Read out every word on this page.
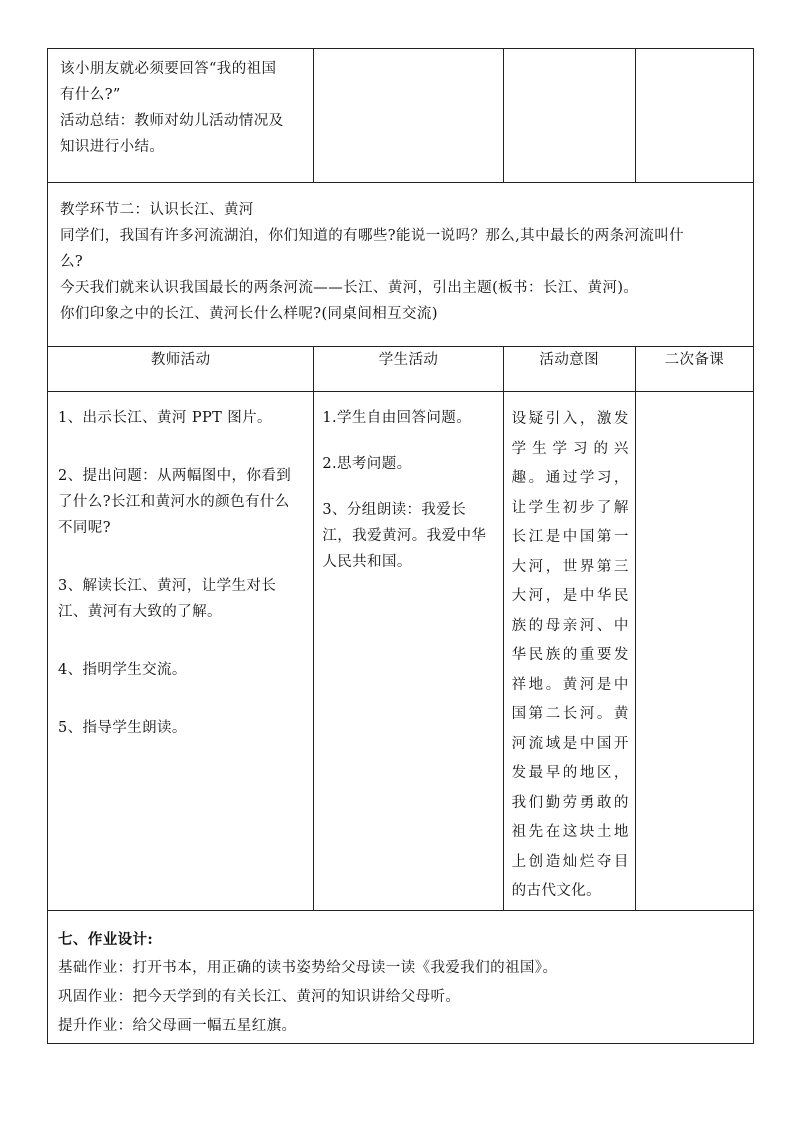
该小朋友就必须要回答“我的祖国
有什么?”
活动总结：教师对幼儿活动情况及
知识进行小结。			

教学环节二：认识长江、黄河
同学们，我国有许多河流湖泊，你们知道的有哪些?能说一说吗？那么,其中最长的两条河流叫什
么?
今天我们就来认识我国最长的两条河流——长江、黄河，引出主题(板书：长江、黄河)。
你们印象之中的长江、黄河长什么样呢?(同桌间相互交流)			

教师活动	学生活动	活动意图	二次备课

1、出示长江、黄河 PPT 图片。
2、提出问题：从两幅图中，你看到了什么?长江和黄河水的颜色有什么不同呢?
3、解读长江、黄河，让学生对长江、黄河有大致的了解。
4、指明学生交流。
5、指导学生朗读。	1.学生自由回答问题。
2.思考问题。
3、分组朗读：我爱长江，我爱黄河。我爱中华人民共和国。	设疑引入，激发学生学习的兴趣。通过学习，让学生初步了解长江是中国第一大河，世界第三大河，是中华民族的母亲河、中华民族的重要发祥地。黄河是中国第二长河。黄河流域是中国开发最早的地区，我们勤劳勇敢的祖先在这块土地上创造灿烂夺目的古代文化。	

七、作业设计:
基础作业：打开书本，用正确的读书姿势给父母读一读《我爱我们的祖国》。
巩固作业：把今天学到的有关长江、黄河的知识讲给父母听。
提升作业：给父母画一幅五星红旗。			
